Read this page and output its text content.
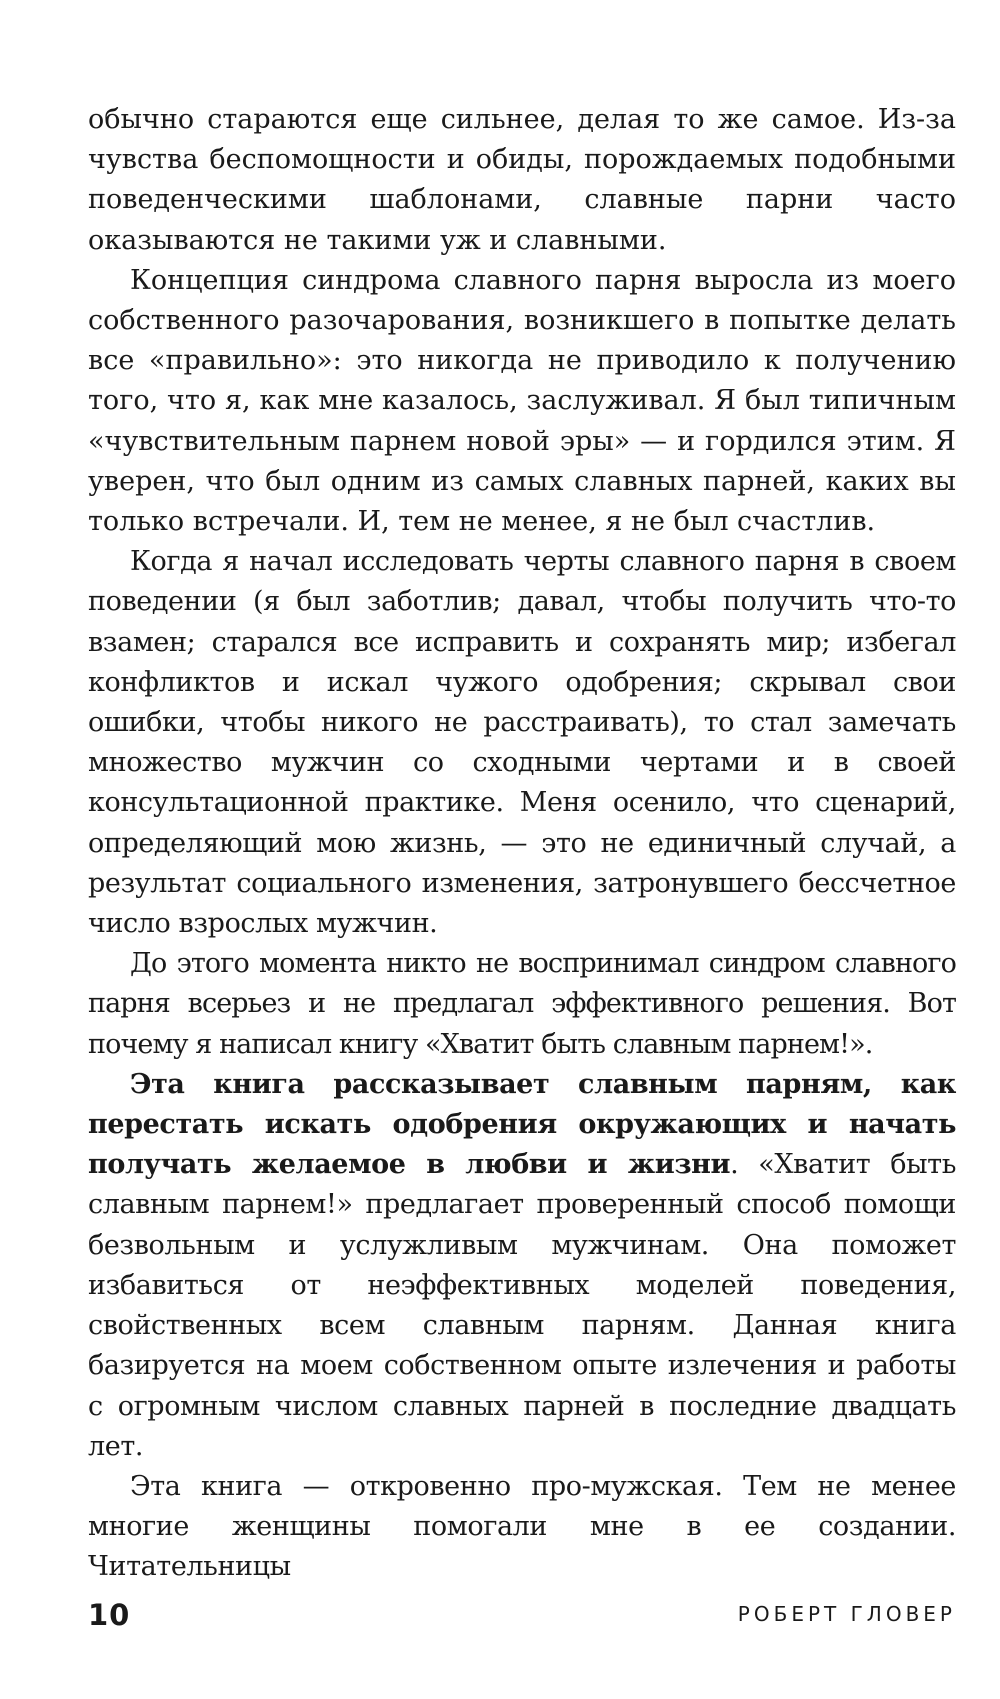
обычно стараются еще сильнее, делая то же самое. Из-за чувства беспомощности и обиды, порождаемых подобными поведенческими шаблонами, славные парни часто оказываются не такими уж и славными.

Концепция синдрома славного парня выросла из моего собственного разочарования, возникшего в попытке делать все «правильно»: это никогда не приводило к получению того, что я, как мне казалось, заслуживал. Я был типичным «чувствительным парнем новой эры» — и гордился этим. Я уверен, что был одним из самых славных парней, каких вы только встречали. И, тем не менее, я не был счастлив.

Когда я начал исследовать черты славного парня в своем поведении (я был заботлив; давал, чтобы получить что-то взамен; старался все исправить и сохранять мир; избегал конфликтов и искал чужого одобрения; скрывал свои ошибки, чтобы никого не расстраивать), то стал замечать множество мужчин со сходными чертами и в своей консультационной практике. Меня осенило, что сценарий, определяющий мою жизнь, — это не единичный случай, а результат социального изменения, затронувшего бессчетное число взрослых мужчин.

До этого момента никто не воспринимал синдром славного парня всерьез и не предлагал эффективного решения. Вот почему я написал книгу «Хватит быть славным парнем!».

Эта книга рассказывает славным парням, как перестать искать одобрения окружающих и начать получать желаемое в любви и жизни. «Хватит быть славным парнем!» предлагает проверенный способ помощи безвольным и услужливым мужчинам. Она поможет избавиться от неэффективных моделей поведения, свойственных всем славным парням. Данная книга базируется на моем собственном опыте излечения и работы с огромным числом славных парней в последние двадцать лет.

Эта книга — откровенно про-мужская. Тем не менее многие женщины помогали мне в ее создании. Читательницы

10	РОБЕРТ ГЛОВЕР
